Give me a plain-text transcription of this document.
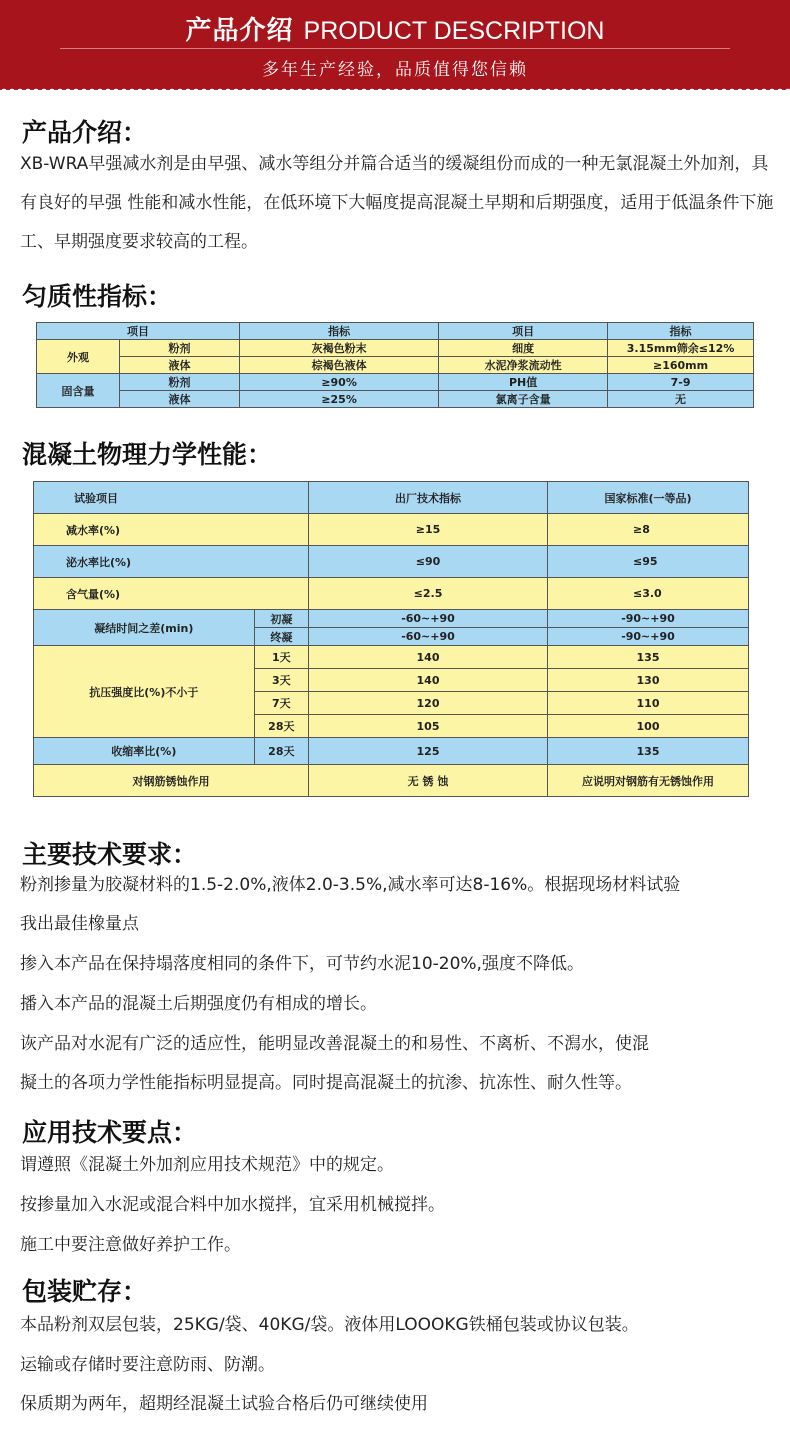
产品介绍 PRODUCT DESCRIPTION
多年生产经验，品质值得您信赖
产品介绍：
XB-WRA早强减水剂是由早强、减水等组分并篇合适当的缓凝组份而成的一种无氯混凝土外加剂，具有良好的早强 性能和减水性能，在低环境下大幅度提高混凝土早期和后期强度，适用于低温条件下施工、早期强度要求较高的工程。
匀质性指标：
项目		指标	项目	指标
外观	粉剂	灰褐色粉末	细度	3.15mm筛余≤12%
	液体	棕褐色液体	水泥净浆流动性	≥160mm
固含量	粉剂	≥90%	PH值	7-9
	液体	≥25%	氯离子含量	无
混凝土物理力学性能：
试验项目		出厂技术指标	国家标准(一等品)
减水率(%)		≥15	≥8
泌水率比(%)		≤90	≤95
含气量(%)		≤2.5	≤3.0
凝结时间之差(min)	初凝	-60~+90	-90~+90
	终凝	-60~+90	-90~+90
抗压强度比(%)不小于	1天	140	135
	3天	140	130
	7天	120	110
	28天	105	100
收缩率比(%)	28天	125	135
对钢筋锈蚀作用		无 锈 蚀	应说明对钢筋有无锈蚀作用
主要技术要求：
粉剂掺量为胶凝材料的1.5-2.0%,液体2.0-3.5%,减水率可达8-16%。根据现场材料试验
我出最佳橡量点
掺入本产品在保持塌落度相同的条件下，可节约水泥10-20%,强度不降低。
播入本产品的混凝土后期强度仍有相成的增长。
诙产品对水泥有广泛的适应性，能明显改善混凝土的和易性、不离析、不澙水，使混
擬土的各项力学性能指标明显提高。同时提高混凝土的抗渗、抗冻性、耐久性等。
应用技术要点：
谓遵照《混凝土外加剂应用技术规范》中的规定。
按掺量加入水泥或混合料中加水搅拌，宜采用机械搅拌。
施工中要注意做好养护工作。
包装贮存：
本品粉剂双层包装，25KG/袋、40KG/袋。液体用LOOOKG铁桶包装或协议包装。
运输或存储时要注意防雨、防潮。
保质期为两年，超期经混凝土试验合格后仍可继续使用
